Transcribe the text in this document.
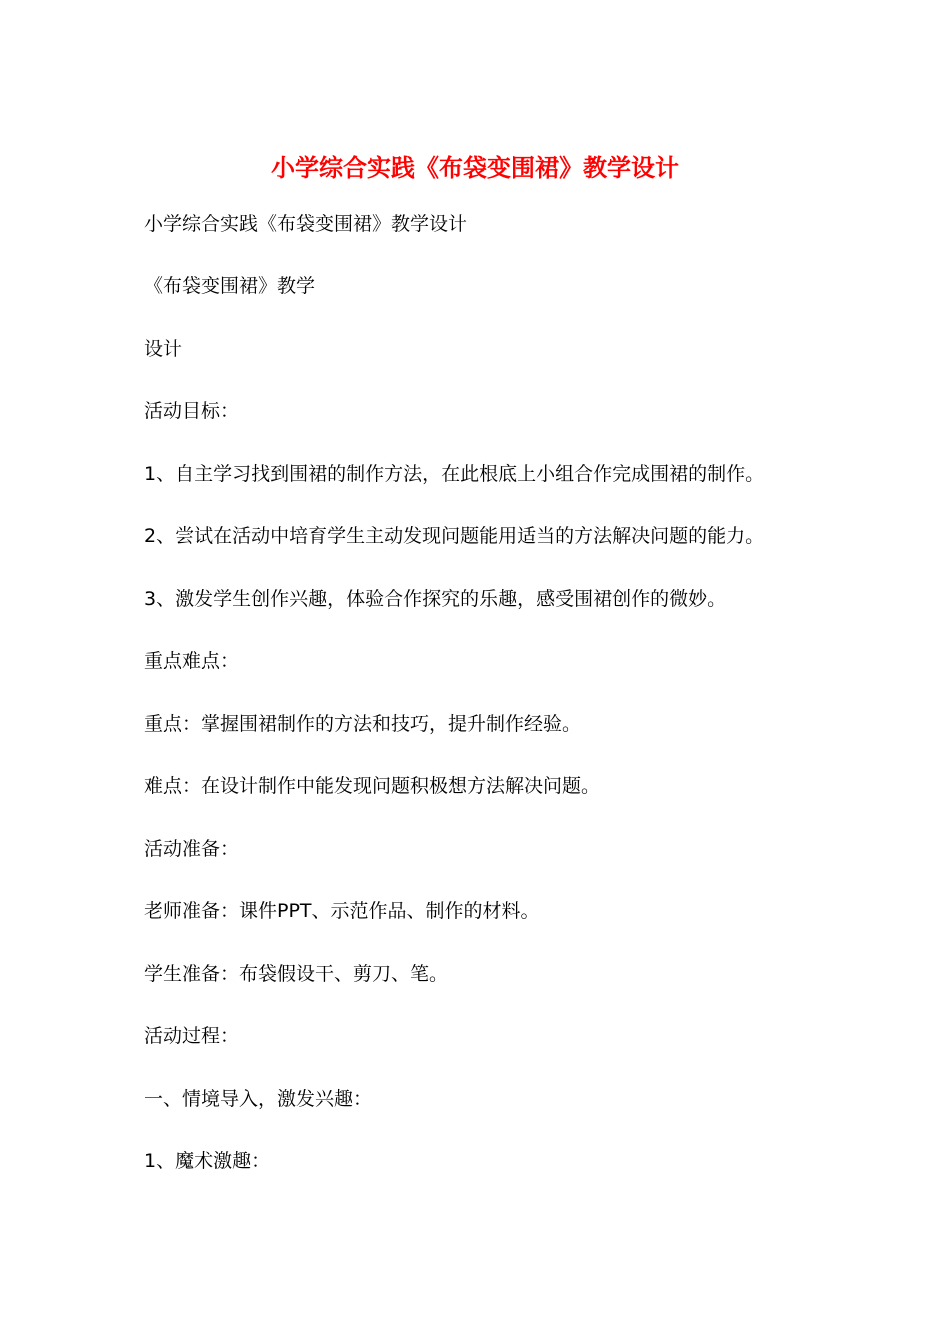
小学综合实践《布袋变围裙》教学设计

小学综合实践《布袋变围裙》教学设计

《布袋变围裙》教学

设计

活动目标：

1、自主学习找到围裙的制作方法，在此根底上小组合作完成围裙的制作。

2、尝试在活动中培育学生主动发现问题能用适当的方法解决问题的能力。

3、激发学生创作兴趣，体验合作探究的乐趣，感受围裙创作的微妙。

重点难点：

重点：掌握围裙制作的方法和技巧，提升制作经验。

难点：在设计制作中能发现问题积极想方法解决问题。

活动准备：

老师准备：课件PPT、示范作品、制作的材料。

学生准备：布袋假设干、剪刀、笔。

活动过程：

一、情境导入，激发兴趣：

1、魔术激趣：
